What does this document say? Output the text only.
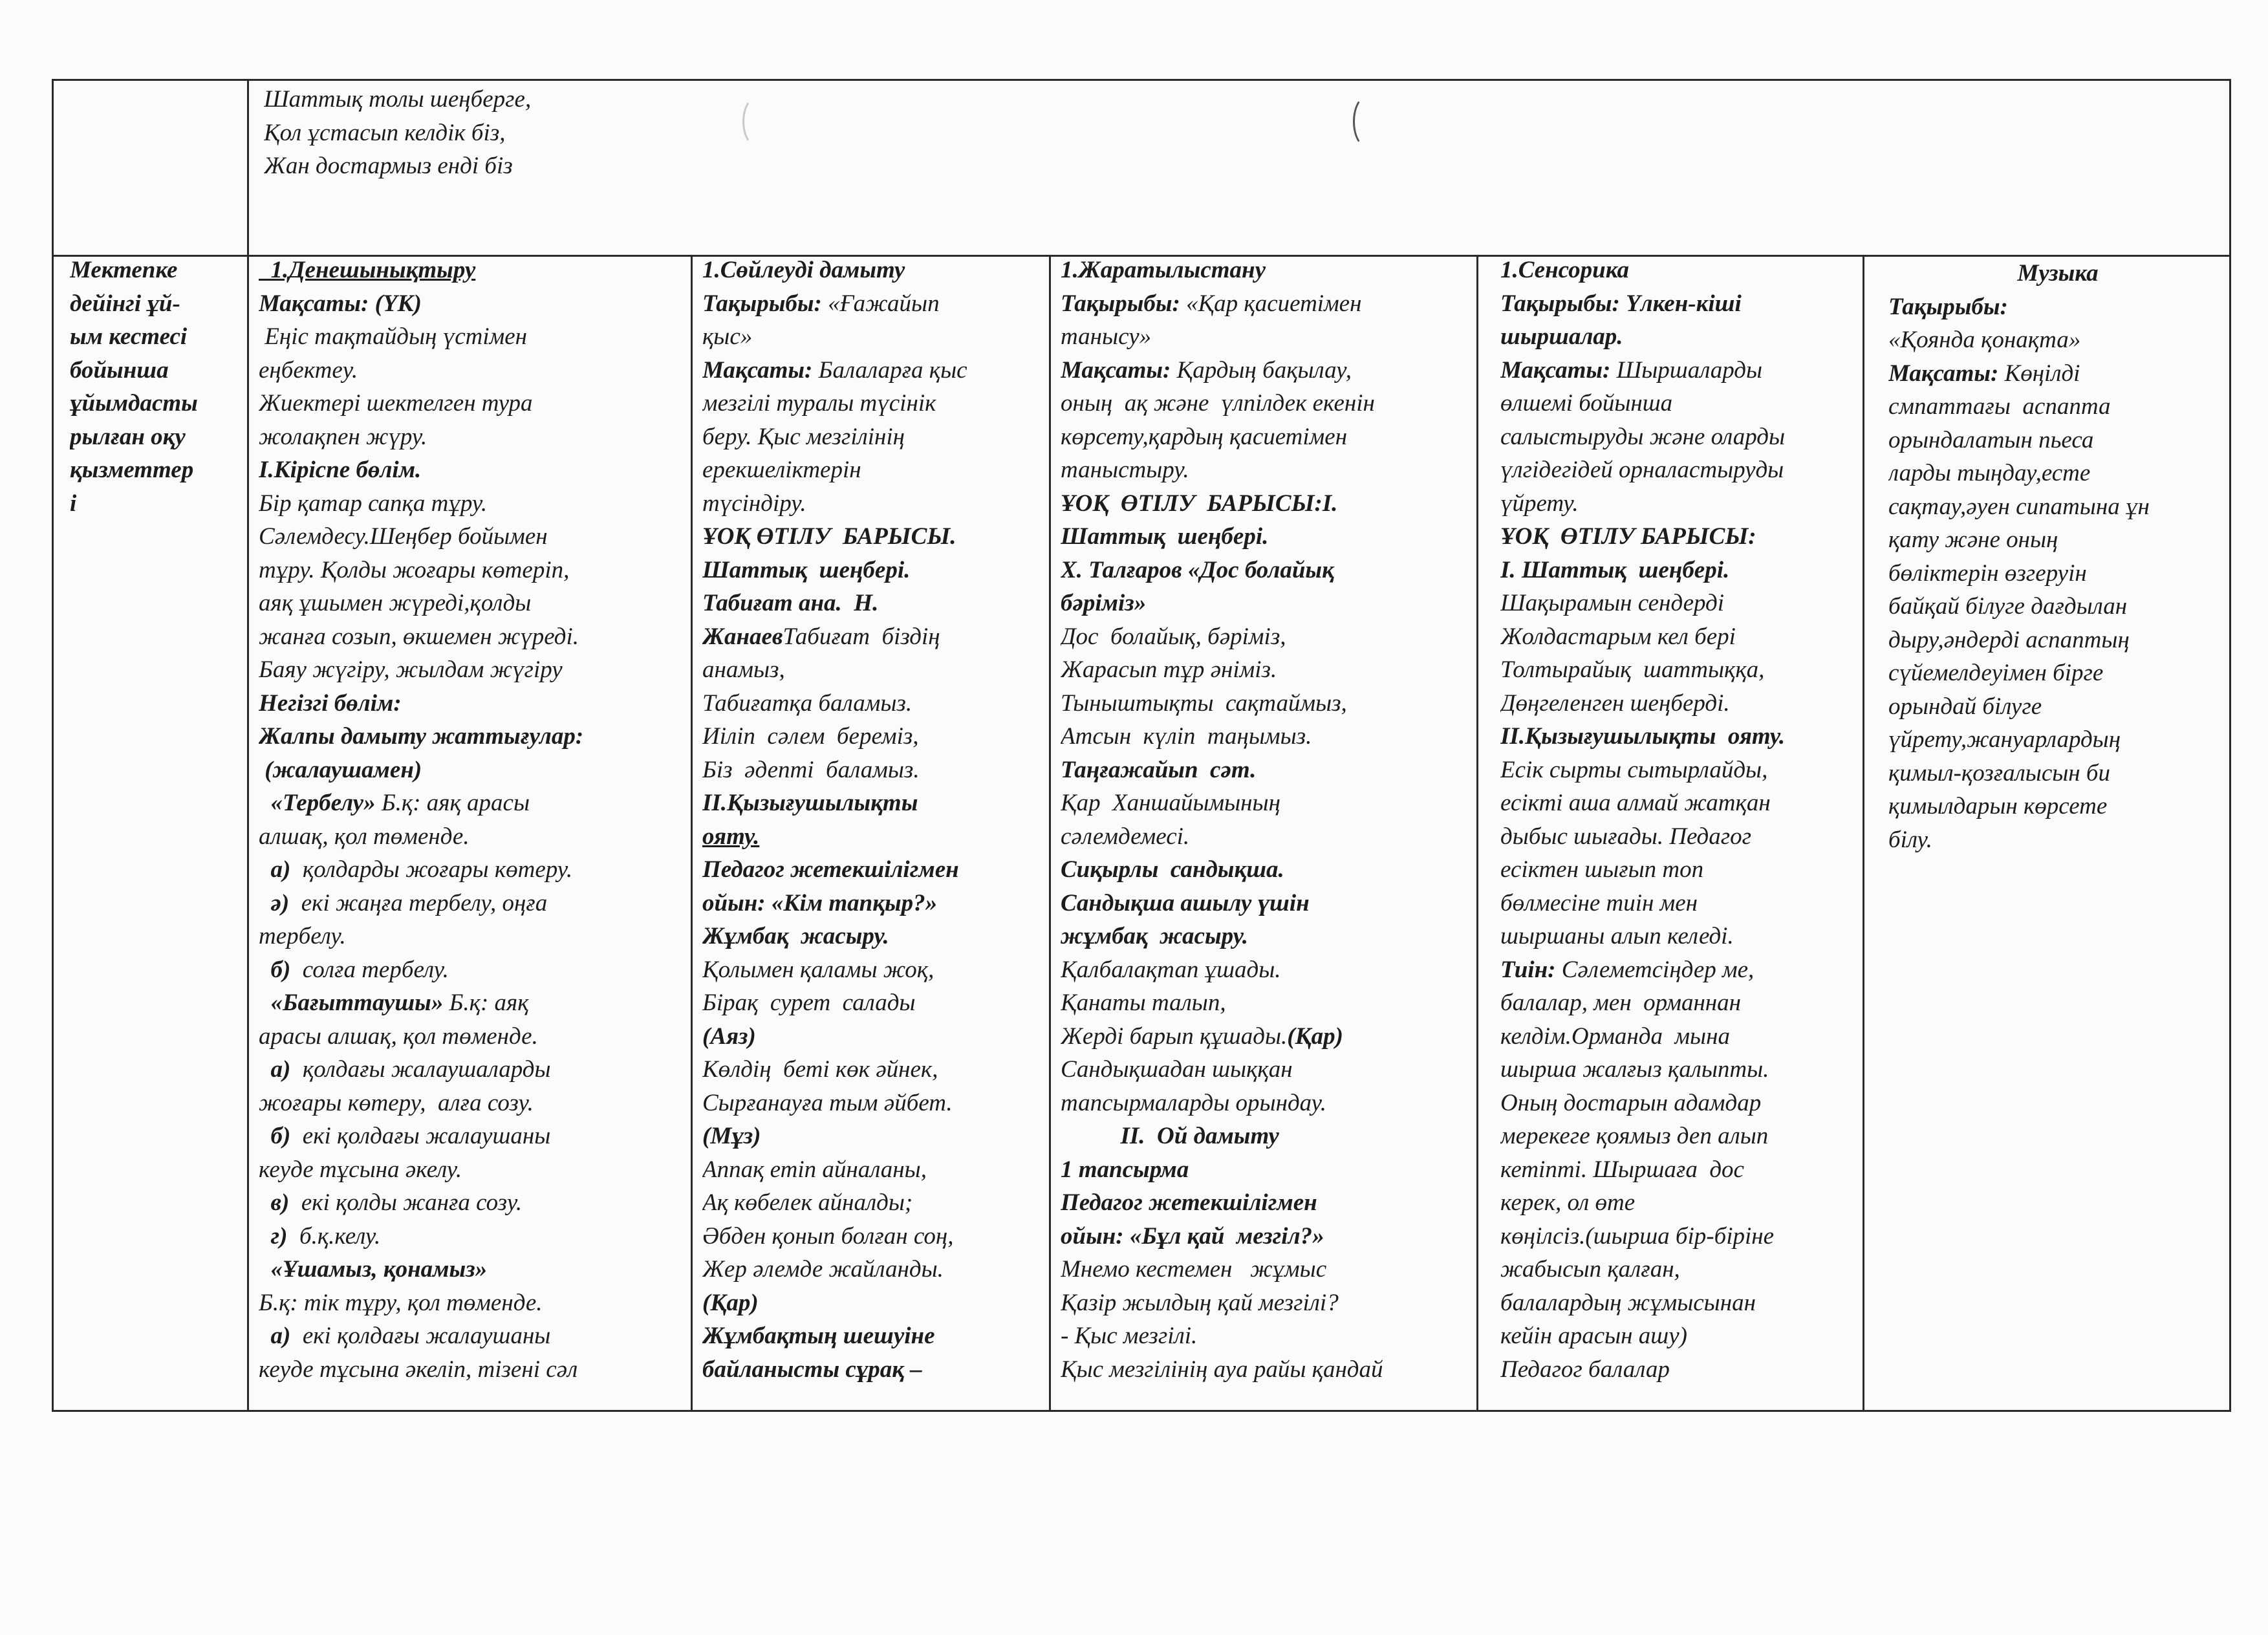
Шаттық толы шеңберге,
Қол ұстасып келдік біз,
Жан достармыз енді біз
Мектепке
дейінгі ұй-
ым кестесі
бойынша
ұйымдасты
рылған оқу
қызметтер
і
1.Денешынықтыру
Мақсаты: (ҮК)
Еңіс тақтайдың үстімен
еңбектеу.
Жиектері шектелген тура
жолақпен жүру.
І.Кіріспе бөлім.
Бір қатар сапқа тұру.
Сәлемдесу.Шеңбер бойымен
тұру. Қолды жоғары көтеріп,
аяқ ұшымен жүреді,қолды
жанға созып, өкшемен жүреді.
Баяу жүгіру, жылдам жүгіру
Негізгі бөлім:
Жалпы дамыту жаттығулар:
(жалаушамен)
«Тербелу» Б.қ: аяқ арасы
алшақ, қол төменде.
а)  қолдарды жоғары көтеру.
ә)  екі жаңға тербелу, оңға
тербелу.
б)  солға тербелу.
«Бағыттаушы» Б.қ: аяқ
арасы алшақ, қол төменде.
а)  қолдағы жалаушаларды
жоғары көтеру,  алға созу.
б)  екі қолдағы жалаушаны
кеуде тұсына әкелу.
в)  екі қолды жанға созу.
г)  б.қ.келу.
«Ұшамыз, қонамыз»
Б.қ: тік тұру, қол төменде.
а)  екі қолдағы жалаушаны
кеуде тұсына әкеліп, тізені сәл
1.Сөйлеуді дамыту
Тақырыбы: «Ғажайып
қыс»
Мақсаты: Балаларға қыс
мезгілі туралы түсінік
беру. Қыс мезгілінің
ерекшеліктерін
түсіндіру.
ҰОҚ ӨТІЛУ  БАРЫСЫ.
Шаттық  шеңбері.
Табиғат ана.  Н.
ЖанаевТабиғат  біздің
анамыз,
Табиғатқа баламыз.
Иіліп  сәлем  береміз,
Біз  әдепті  баламыз.
ІІ.Қызығушылықты
ояту.
Педагог жетекшілігмен
ойын: «Кім тапқыр?»
Жұмбақ  жасыру.
Қолымен қаламы жоқ,
Бірақ  сурет  салады
(Аяз)
Көлдің  беті көк әйнек,
Сырғанауға тым әйбет.
(Мұз)
Аппақ етіп айналаны,
Ақ көбелек айналды;
Әбден қонып болған соң,
Жер әлемде жайланды.
(Қар)
Жұмбақтың шешуіне
байланысты сұрақ –
1.Жаратылыстану
Тақырыбы: «Қар қасиетімен
танысу»
Мақсаты: Қардың бақылау,
оның  ақ және  үлпілдек екенін
көрсету,қардың қасиетімен
таныстыру.
ҰОҚ  ӨТІЛУ  БАРЫСЫ:І.
Шаттық  шеңбері.
Х. Талғаров «Дос болайық
бәріміз»
Дос  болайық, бәріміз,
Жарасып тұр әніміз.
Тыныштықты  сақтаймыз,
Атсын  күліп  таңымыз.
Таңғажайып  сәт.
Қар  Ханшайымының
сәлемдемесі.
Сиқырлы  сандықша.
Сандықша ашылу үшін
жұмбақ  жасыру.
Қалбалақтап ұшады.
Қанаты талып,
Жерді барып құшады.(Қар)
Сандықшадан шыққан
тапсырмаларды орындау.
ІІ.  Ой дамыту
1 тапсырма
Педагог жетекшілігмен
ойын: «Бұл қай  мезгіл?»
Мнемо кестемен   жұмыс
Қазір жылдың қай мезгілі?
- Қыс мезгілі.
Қыс мезгілінің ауа райы қандай
1.Сенсорика
Тақырыбы: Үлкен-кіші
шыршалар.
Мақсаты: Шыршаларды
өлшемі бойынша
салыстыруды және оларды
үлгідегідей орналастыруды
үйрету.
ҰОҚ  ӨТІЛУ БАРЫСЫ:
І. Шаттық  шеңбері.
Шақырамын сендерді
Жолдастарым кел бері
Толтырайық  шаттыққа,
Дөңгеленген шеңберді.
ІІ.Қызығушылықты  ояту.
Есік сырты сытырлайды,
есікті аша алмай жатқан
дыбыс шығады. Педагог
есіктен шығып топ
бөлмесіне тиін мен
шыршаны алып келеді.
Тиін: Сәлеметсіңдер ме,
балалар, мен  орманнан
келдім.Орманда  мына
шырша жалғыз қалыпты.
Оның достарын адамдар
мерекеге қоямыз деп алып
кетіпті. Шыршаға  дос
керек, ол өте
көңілсіз.(шырша бір-біріне
жабысып қалған,
балалардың жұмысынан
кейін арасын ашу)
Педагог балалар
Музыка
Тақырыбы:
«Қоянда қонақта»
Мақсаты: Көңілді
смпаттағы  аспапта
орындалатын пьеса
ларды тыңдау,есте
сақтау,әуен сипатына ұн
қату және оның
бөліктерін өзгеруін
байқай білуге дағдылан
дыру,әндерді аспаптың
сүйемелдеуімен бірге
орындай білуге
үйрету,жануарлардың
қимыл-қозғалысын би
қимылдарын көрсете
білу.
